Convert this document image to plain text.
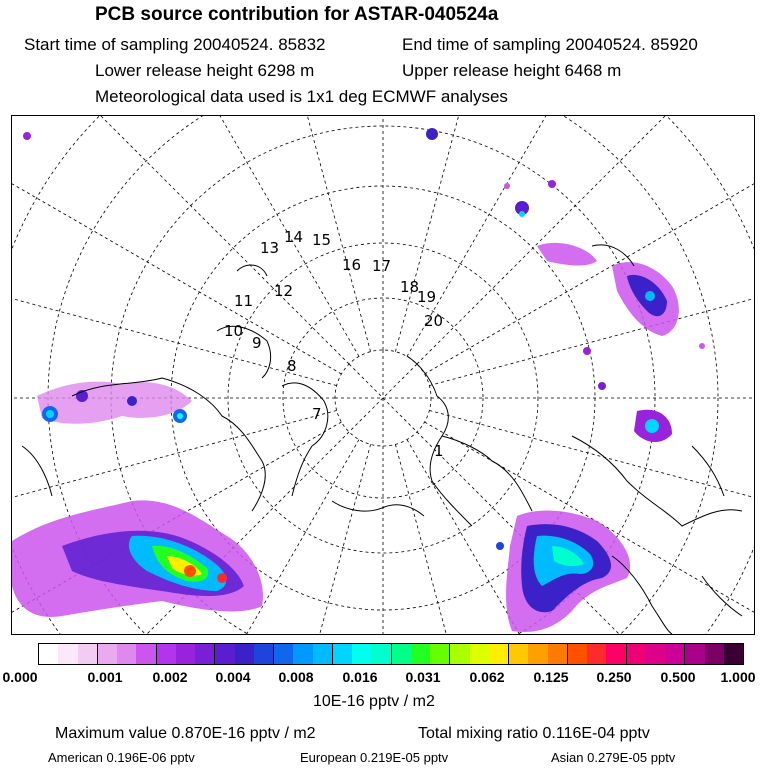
PCB source contribution for ASTAR-040524a
Start time of sampling 20040524. 85832	End time of sampling 20040524. 85920
Lower release height 6298 m	Upper release height 6468 m
Meteorological data used is 1x1 deg ECMWF analyses
13
14 15
16 17
18
19
20
11
10
9
8
7
1
12
0.000	0.001 0.002 0.004 0.008 0.016 0.031 0.062 0.125 0.250 0.500 1.000
10E-16 pptv / m2
Maximum value 0.870E-16 pptv / m2	Total mixing ratio 0.116E-04 pptv
American 0.196E-06 pptv	European 0.219E-05 pptv	Asian 0.279E-05 pptv
